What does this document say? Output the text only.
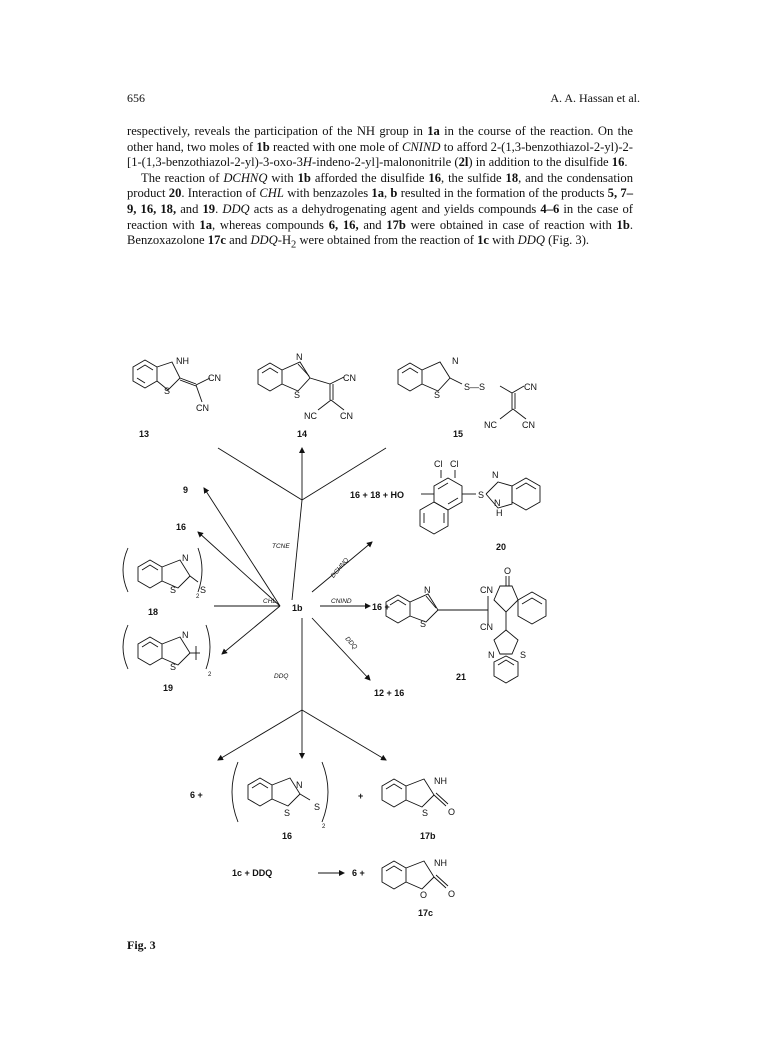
656	A. A. Hassan et al.

respectively, reveals the participation of the NH group in 1a in the course of the reaction. On the other hand, two moles of 1b reacted with one mole of CNIND to afford 2-(1,3-benzothiazol-2-yl)-2-[1-(1,3-benzothiazol-2-yl)-3-oxo-3H-indeno-2-yl]-malononitrile (2l) in addition to the disulfide 16.

The reaction of DCHNQ with 1b afforded the disulfide 16, the sulfide 18, and the condensation product 20. Interaction of CHL with benzazoles 1a, b resulted in the formation of the products 5, 7–9, 16, 18, and 19. DDQ acts as a dehydrogenating agent and yields compounds 4–6 in the case of reaction with 1a, whereas compounds 6, 16, and 17b were obtained in case of reaction with 1b. Benzoxazolone 17c and DDQ-$H_2$ were obtained from the reaction of 1c with DDQ (Fig. 3).

NH
CN
CN
S
13
N
S
CN
NC	CN
14
N
S
S—S	CN
NC	CN
15
9
16
N
S	S
2
18
N
S
2
19
1b
TCNE
DCHNQ
CHL	CNIND
DDQ
DDQ
16 + 18 + HO
Cl Cl
S
N
N
H
20
16 +
N
S
CN
CN
O
N	S
21
12 + 16
6 +
N
S
S
2
16
+
NH
S O
17b
1c + DDQ	6 +
NH
O O
17c
Fig. 3
